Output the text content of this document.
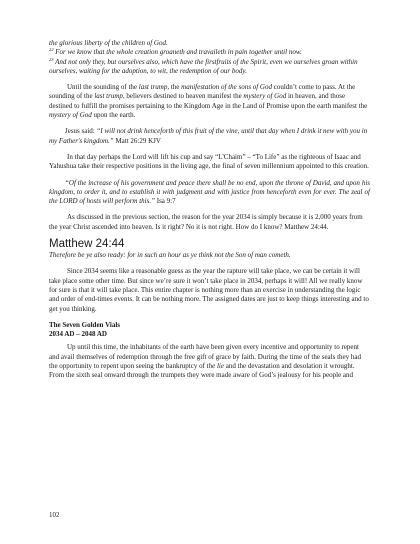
the glorious liberty of the children of God.
$^{22}$ For we know that the whole creation groaneth and travaileth in pain together until now.
$^{23}$ And not only they, but ourselves also, which have the firstfruits of the Spirit, even we ourselves groan within ourselves, waiting for the adoption, to wit, the redemption of our body.

Until the sounding of the last trump, the manifestation of the sons of God couldn’t come to pass. At the sounding of the last trump, believers destined to heaven manifest the mystery of God in heaven, and those destined to fulfill the promises pertaining to the Kingdom Age in the Land of Promise upon the earth manifest the mystery of God upon the earth.

Jesus said: “I will not drink henceforth of this fruit of the vine, until that day when I drink it new with you in my Father's kingdom.” Matt 26:29 KJV

In that day perhaps the Lord will lift his cup and say “L'Chaim” – “To Life” as the righteous of Isaac and Yahushua take their respective positions in the living age, the final of seven millennium appointed to this creation.

“Of the increase of his government and peace there shall be no end, upon the throne of David, and upon his kingdom, to order it, and to establish it with judgment and with justice from henceforth even for ever. The zeal of the LORD of hosts will perform this.” Isa 9:7

As discussed in the previous section, the reason for the year 2034 is simply because it is 2,000 years from the year Christ ascended into heaven. Is it right? No it is not right. How do I know? Matthew 24:44.

Matthew 24:44

Therefore be ye also ready: for in such an hour as ye think not the Son of man cometh.

Since 2034 seems like a reasonable guess as the year the rapture will take place, we can be certain it will take place some other time. But since we’re sure it won’t take place in 2034, perhaps it will! All we really know for sure is that it will take place. This entire chapter is nothing more than an exercise in understanding the logic and order of end-times events. It can be nothing more. The assigned dates are just to keep things interesting and to get you thinking.

The Seven Golden Vials

2034 AD – 2048 AD

Up until this time, the inhabitants of the earth have been given every incentive and opportunity to repent and avail themselves of redemption through the free gift of grace by faith. During the time of the seals they had the opportunity to repent upon seeing the bankruptcy of the lie and the devastation and desolation it wrought. From the sixth seal onward through the trumpets they were made aware of God’s jealousy for his people and

102
